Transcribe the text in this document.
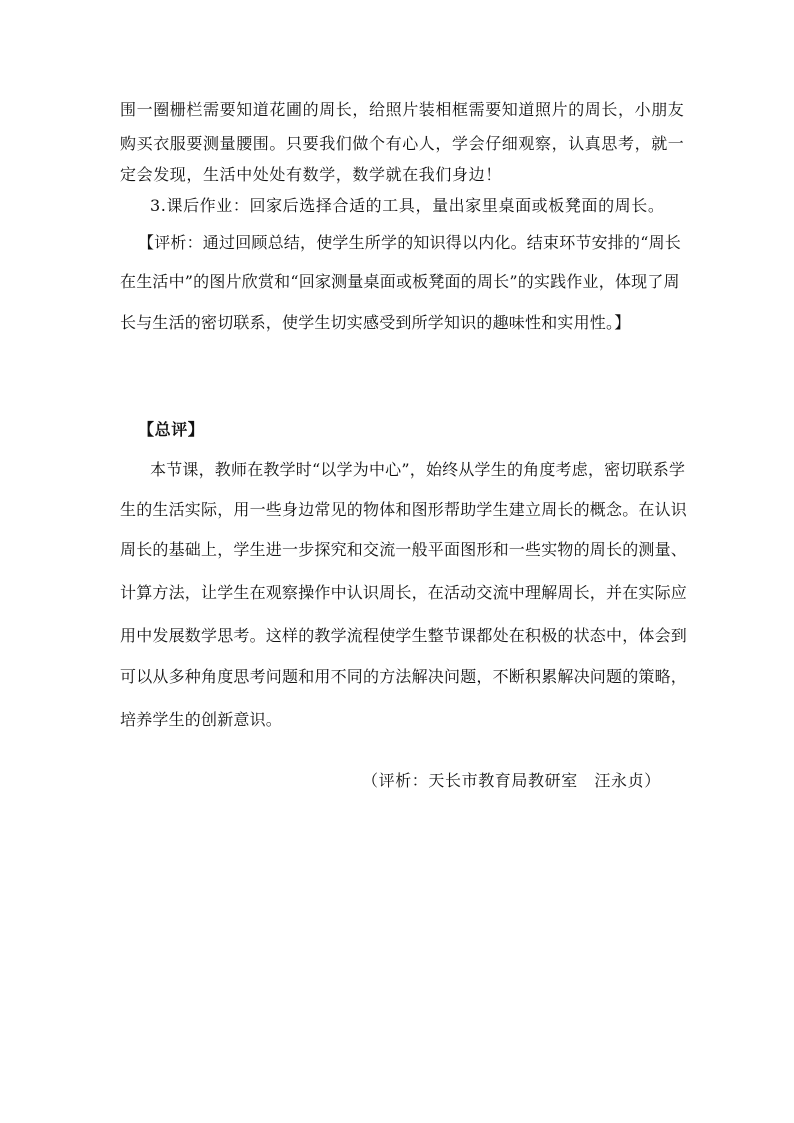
围一圈栅栏需要知道花圃的周长，给照片装相框需要知道照片的周长，小朋友
购买衣服要测量腰围。只要我们做个有心人，学会仔细观察，认真思考，就一
定会发现，生活中处处有数学，数学就在我们身边！
3.课后作业：回家后选择合适的工具，量出家里桌面或板凳面的周长。
【评析：通过回顾总结，使学生所学的知识得以内化。结束环节安排的“周长
在生活中”的图片欣赏和“回家测量桌面或板凳面的周长”的实践作业，体现了周
长与生活的密切联系，使学生切实感受到所学知识的趣味性和实用性。】
【总评】
本节课，教师在教学时“以学为中心”，始终从学生的角度考虑，密切联系学
生的生活实际，用一些身边常见的物体和图形帮助学生建立周长的概念。在认识
周长的基础上，学生进一步探究和交流一般平面图形和一些实物的周长的测量、
计算方法，让学生在观察操作中认识周长，在活动交流中理解周长，并在实际应
用中发展数学思考。这样的教学流程使学生整节课都处在积极的状态中，体会到
可以从多种角度思考问题和用不同的方法解决问题，不断积累解决问题的策略，
培养学生的创新意识。
（评析：天长市教育局教研室　汪永贞）
